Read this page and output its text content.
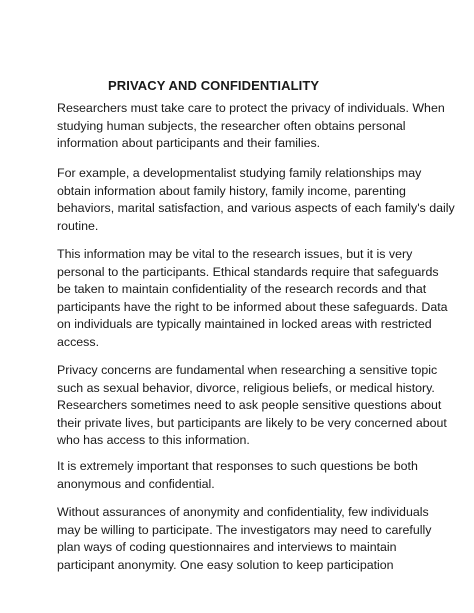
PRIVACY AND CONFIDENTIALITY

Researchers must take care to protect the privacy of individuals. When
studying human subjects, the researcher often obtains personal
information about participants and their families.

For example, a developmentalist studying family relationships may
obtain information about family history, family income, parenting
behaviors, marital satisfaction, and various aspects of each family's daily
routine.

This information may be vital to the research issues, but it is very
personal to the participants. Ethical standards require that safeguards
be taken to maintain confidentiality of the research records and that
participants have the right to be informed about these safeguards. Data
on individuals are typically maintained in locked areas with restricted
access.

Privacy concerns are fundamental when researching a sensitive topic
such as sexual behavior, divorce, religious beliefs, or medical history.
Researchers sometimes need to ask people sensitive questions about
their private lives, but participants are likely to be very concerned about
who has access to this information.

It is extremely important that responses to such questions be both
anonymous and confidential.

Without assurances of anonymity and confidentiality, few individuals
may be willing to participate. The investigators may need to carefully
plan ways of coding questionnaires and interviews to maintain
participant anonymity. One easy solution to keep participation
